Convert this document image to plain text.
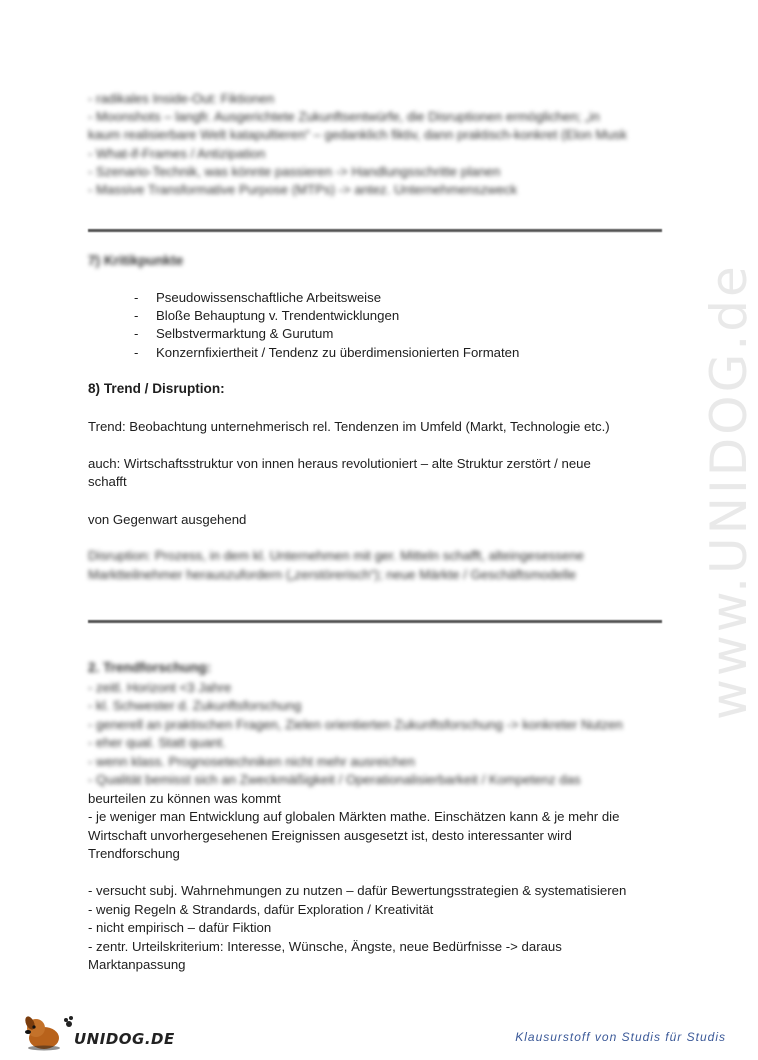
www.UNIDOG.de
- radikales Inside-Out: Fiktionen
- Moonshots – langfr. Ausgerichtete Zukunftsentwürfe, die Disruptionen ermöglichen; „in
kaum realisierbare Welt katapultieren“ – gedanklich fiktiv, dann praktisch-konkret (Elon Musk
- What-if-Frames / Antizipation
- Szenario-Technik, was könnte passieren -> Handlungsschritte planen
- Massive Transformative Purpose (MTPs) -> antez. Unternehmenszweck
7) Kritikpunkte
- Pseudowissenschaftliche Arbeitsweise
- Bloße Behauptung v. Trendentwicklungen
- Selbstvermarktung & Gurutum
- Konzernfixiertheit / Tendenz zu überdimensionierten Formaten
8) Trend / Disruption:
Trend: Beobachtung unternehmerisch rel. Tendenzen im Umfeld (Markt, Technologie etc.)
auch: Wirtschaftsstruktur von innen heraus revolutioniert – alte Struktur zerstört / neue
schafft
von Gegenwart ausgehend
Disruption: Prozess, in dem kl. Unternehmen mit ger. Mitteln schafft, alteingesessene
Marktteilnehmer herauszufordern („zerstörerisch“); neue Märkte / Geschäftsmodelle
2. Trendforschung:
- zeitl. Horizont <3 Jahre
- kl. Schwester d. Zukunftsforschung
- generell an praktischen Fragen, Zielen orientierten Zukunftsforschung -> konkreter Nutzen
- eher qual. Statt quant.
- wenn klass. Prognosetechniken nicht mehr ausreichen
- Qualität bemisst sich an Zweckmäßigkeit / Operationalisierbarkeit / Kompetenz das
beurteilen zu können was kommt
- je weniger man Entwicklung auf globalen Märkten mathe. Einschätzen kann & je mehr die
Wirtschaft unvorhergesehenen Ereignissen ausgesetzt ist, desto interessanter wird
Trendforschung
- versucht subj. Wahrnehmungen zu nutzen – dafür Bewertungsstrategien & systematisieren
- wenig Regeln & Strandards, dafür Exploration / Kreativität
- nicht empirisch – dafür Fiktion
- zentr. Urteilskriterium: Interesse, Wünsche, Ängste, neue Bedürfnisse -> daraus
Marktanpassung
UNIDOG.DE	Klausurstoff von Studis für Studis
